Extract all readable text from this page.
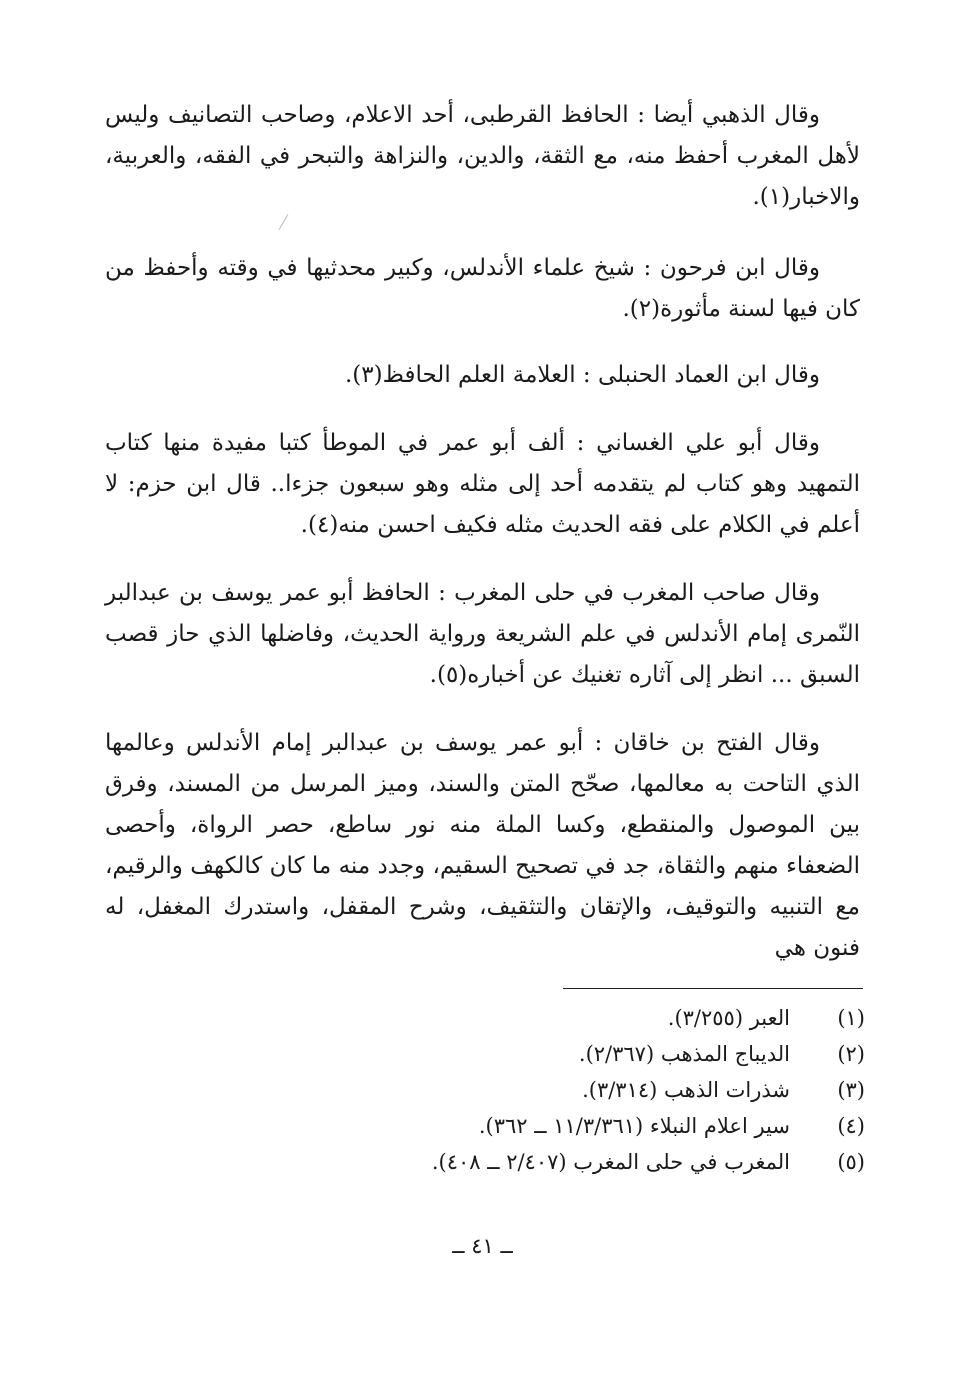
وقال الذهبي أيضا : الحافظ القرطبى، أحد الاعلام، وصاحب التصانيف وليس لأهل المغرب أحفظ منه، مع الثقة، والدين، والنزاهة والتبحر في الفقه، والعربية، والاخبار(١).

وقال ابن فرحون : شيخ علماء الأندلس، وكبير محدثيها في وقته وأحفظ من كان فيها لسنة مأثورة(٢).

وقال ابن العماد الحنبلى : العلامة العلم الحافظ(٣).

وقال أبو علي الغساني : ألف أبو عمر في الموطأ كتبا مفيدة منها كتاب التمهيد وهو كتاب لم يتقدمه أحد إلى مثله وهو سبعون جزءا.. قال ابن حزم: لا أعلم في الكلام على فقه الحديث مثله فكيف احسن منه(٤).

وقال صاحب المغرب في حلى المغرب : الحافظ أبو عمر يوسف بن عبدالبر النّمرى إمام الأندلس في علم الشريعة ورواية الحديث، وفاضلها الذي حاز قصب السبق ... انظر إلى آثاره تغنيك عن أخباره(٥).

وقال الفتح بن خاقان : أبو عمر يوسف بن عبدالبر إمام الأندلس وعالمها الذي التاحت به معالمها، صحّح المتن والسند، وميز المرسل من المسند، وفرق بين الموصول والمنقطع، وكسا الملة منه نور ساطع، حصر الرواة، وأحصى الضعفاء منهم والثقاة، جد في تصحيح السقيم، وجدد منه ما كان كالكهف والرقيم، مع التنبيه والتوقيف، والإتقان والتثقيف، وشرح المقفل، واستدرك المغفل، له فنون هي

(١)
العبر (٣/٢٥٥).
(٢)
الديباج المذهب (٢/٣٦٧).
(٣)
شذرات الذهب (٣/٣١٤).
(٤)
سير اعلام النبلاء (١١/٣/٣٦١ ــ ٣٦٢).
(٥)
المغرب في حلى المغرب (٢/٤٠٧ ــ ٤٠٨).
ــ ٤١ ــ
